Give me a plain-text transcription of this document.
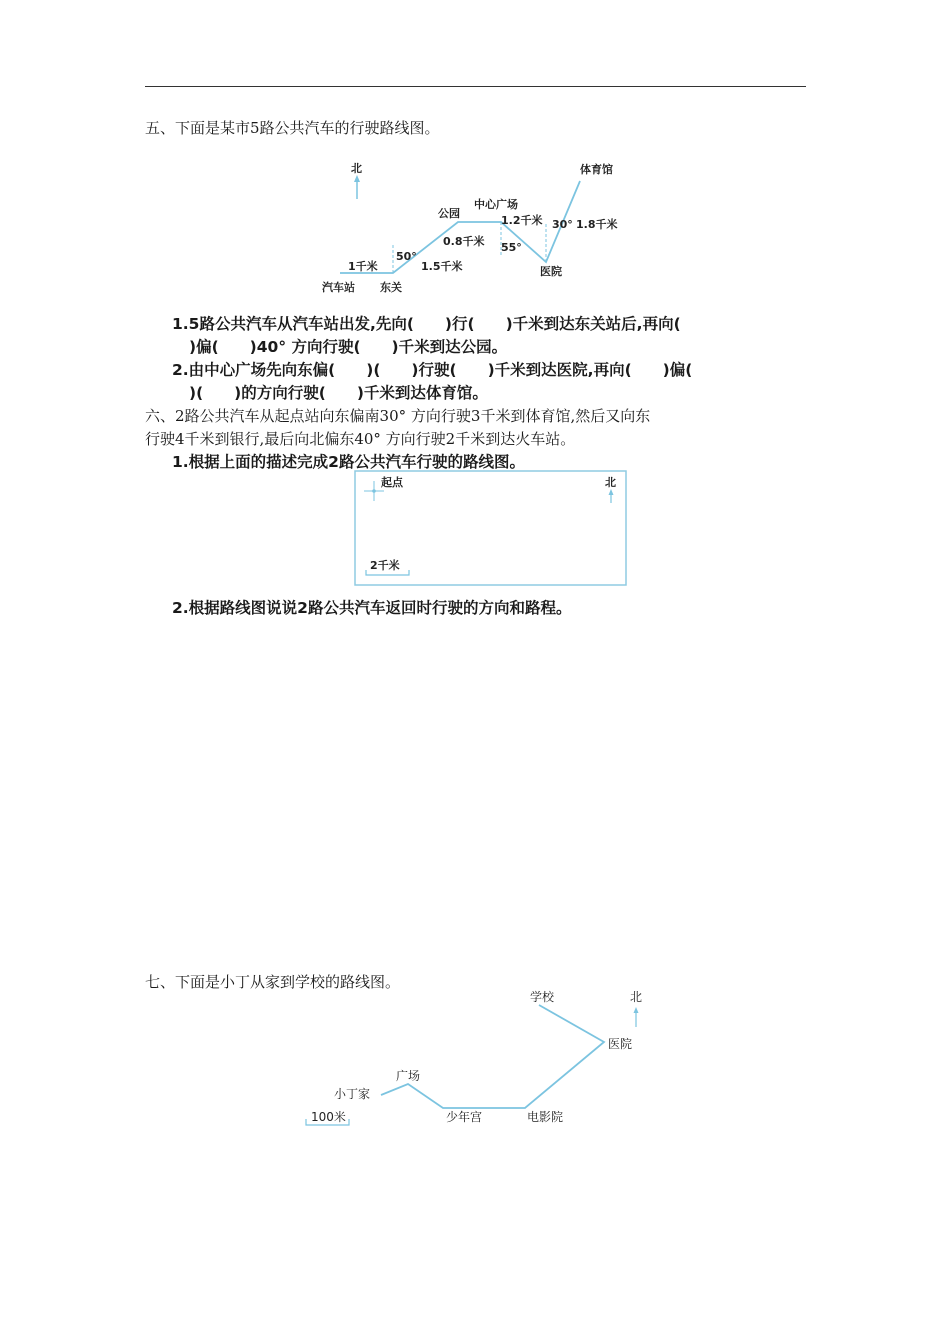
五、下面是某市5路公共汽车的行驶路线图。
北
汽车站 东关
公园
中心广场
医院
体育馆
1千米	1.5千米
0.8千米
1.2千米	1.8千米
50°
55°
30°
1.5路公共汽车从汽车站出发,先向(　　)行(　　)千米到达东关站后,再向(
)偏(　　)40° 方向行驶(　　)千米到达公园。
2.由中心广场先向东偏(　　)(　　)行驶(　　)千米到达医院,再向(　　)偏(
)(　　)的方向行驶(　　)千米到达体育馆。
六、2路公共汽车从起点站向东偏南30° 方向行驶3千米到体育馆,然后又向东
行驶4千米到银行,最后向北偏东40° 方向行驶2千米到达火车站。
1.根据上面的描述完成2路公共汽车行驶的路线图。
起点	北
2千米
2.根据路线图说说2路公共汽车返回时行驶的方向和路程。
七、下面是小丁从家到学校的路线图。
小丁家
广场
少年宫	电影院
医院
学校	北
100米
